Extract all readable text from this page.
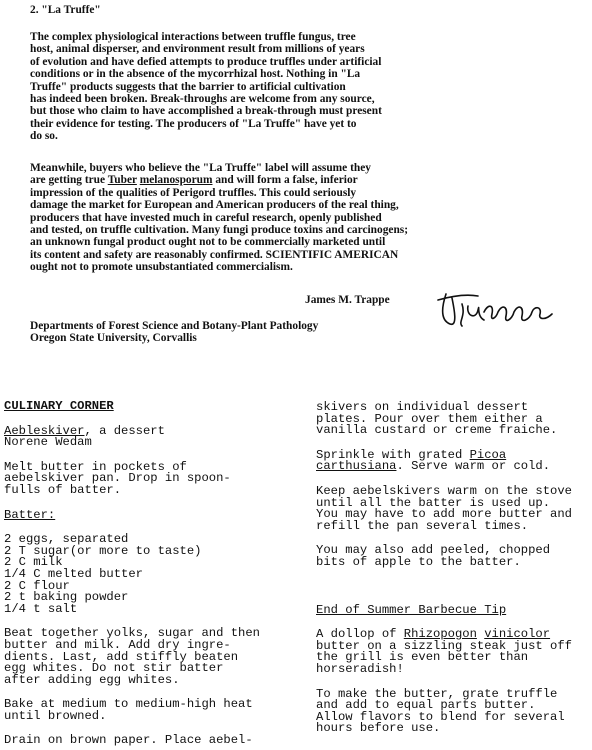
2. "La Truffe"

The complex physiological interactions between truffle fungus, tree

host, animal disperser, and environment result from millions of years

of evolution and have defied attempts to produce truffles under artificial

conditions or in the absence of the mycorrhizal host. Nothing in "La

Truffe" products suggests that the barrier to artificial cultivation

has indeed been broken. Break-throughs are welcome from any source,

but those who claim to have accomplished a break-through must present

their evidence for testing. The producers of "La Truffe" have yet to

do so.

Meanwhile, buyers who believe the "La Truffe" label will assume they

are getting true Tuber melanosporum and will form a false, inferior

impression of the qualities of Perigord truffles. This could seriously

damage the market for European and American producers of the real thing,

producers that have invested much in careful research, openly published

and tested, on truffle cultivation. Many fungi produce toxins and carcinogens;

an unknown fungal product ought not to be commercially marketed until

its content and safety are reasonably confirmed. SCIENTIFIC AMERICAN

ought not to promote unsubstantiated commercialism.

James M. Trappe

Departments of Forest Science and Botany-Plant Pathology

Oregon State University, Corvallis

CULINARY CORNER

Aebleskiver, a dessert

Norene Wedam

Melt butter in pockets of

aebelskiver pan. Drop in spoon-

fulls of batter.

Batter:

2 eggs, separated

2 T sugar(or more to taste)

2 C milk

1/4 C melted butter

2 C flour

2 t baking powder

1/4 t salt

Beat together yolks, sugar and then

butter and milk. Add dry ingre-

dients. Last, add stiffly beaten

egg whites. Do not stir batter

after adding egg whites.

Bake at medium to medium-high heat

until browned.

Drain on brown paper. Place aebel-

skivers on individual dessert

plates. Pour over them either a

vanilla custard or creme fraiche.

Sprinkle with grated Picoa

carthusiana. Serve warm or cold.

Keep aebelskivers warm on the stove

until all the batter is used up.

You may have to add more butter and

refill the pan several times.

You may also add peeled, chopped

bits of apple to the batter.

End of Summer Barbecue Tip

A dollop of Rhizopogon vinicolor

butter on a sizzling steak just off

the grill is even better than

horseradish!

To make the butter, grate truffle

and add to equal parts butter.

Allow flavors to blend for several

hours before use.
